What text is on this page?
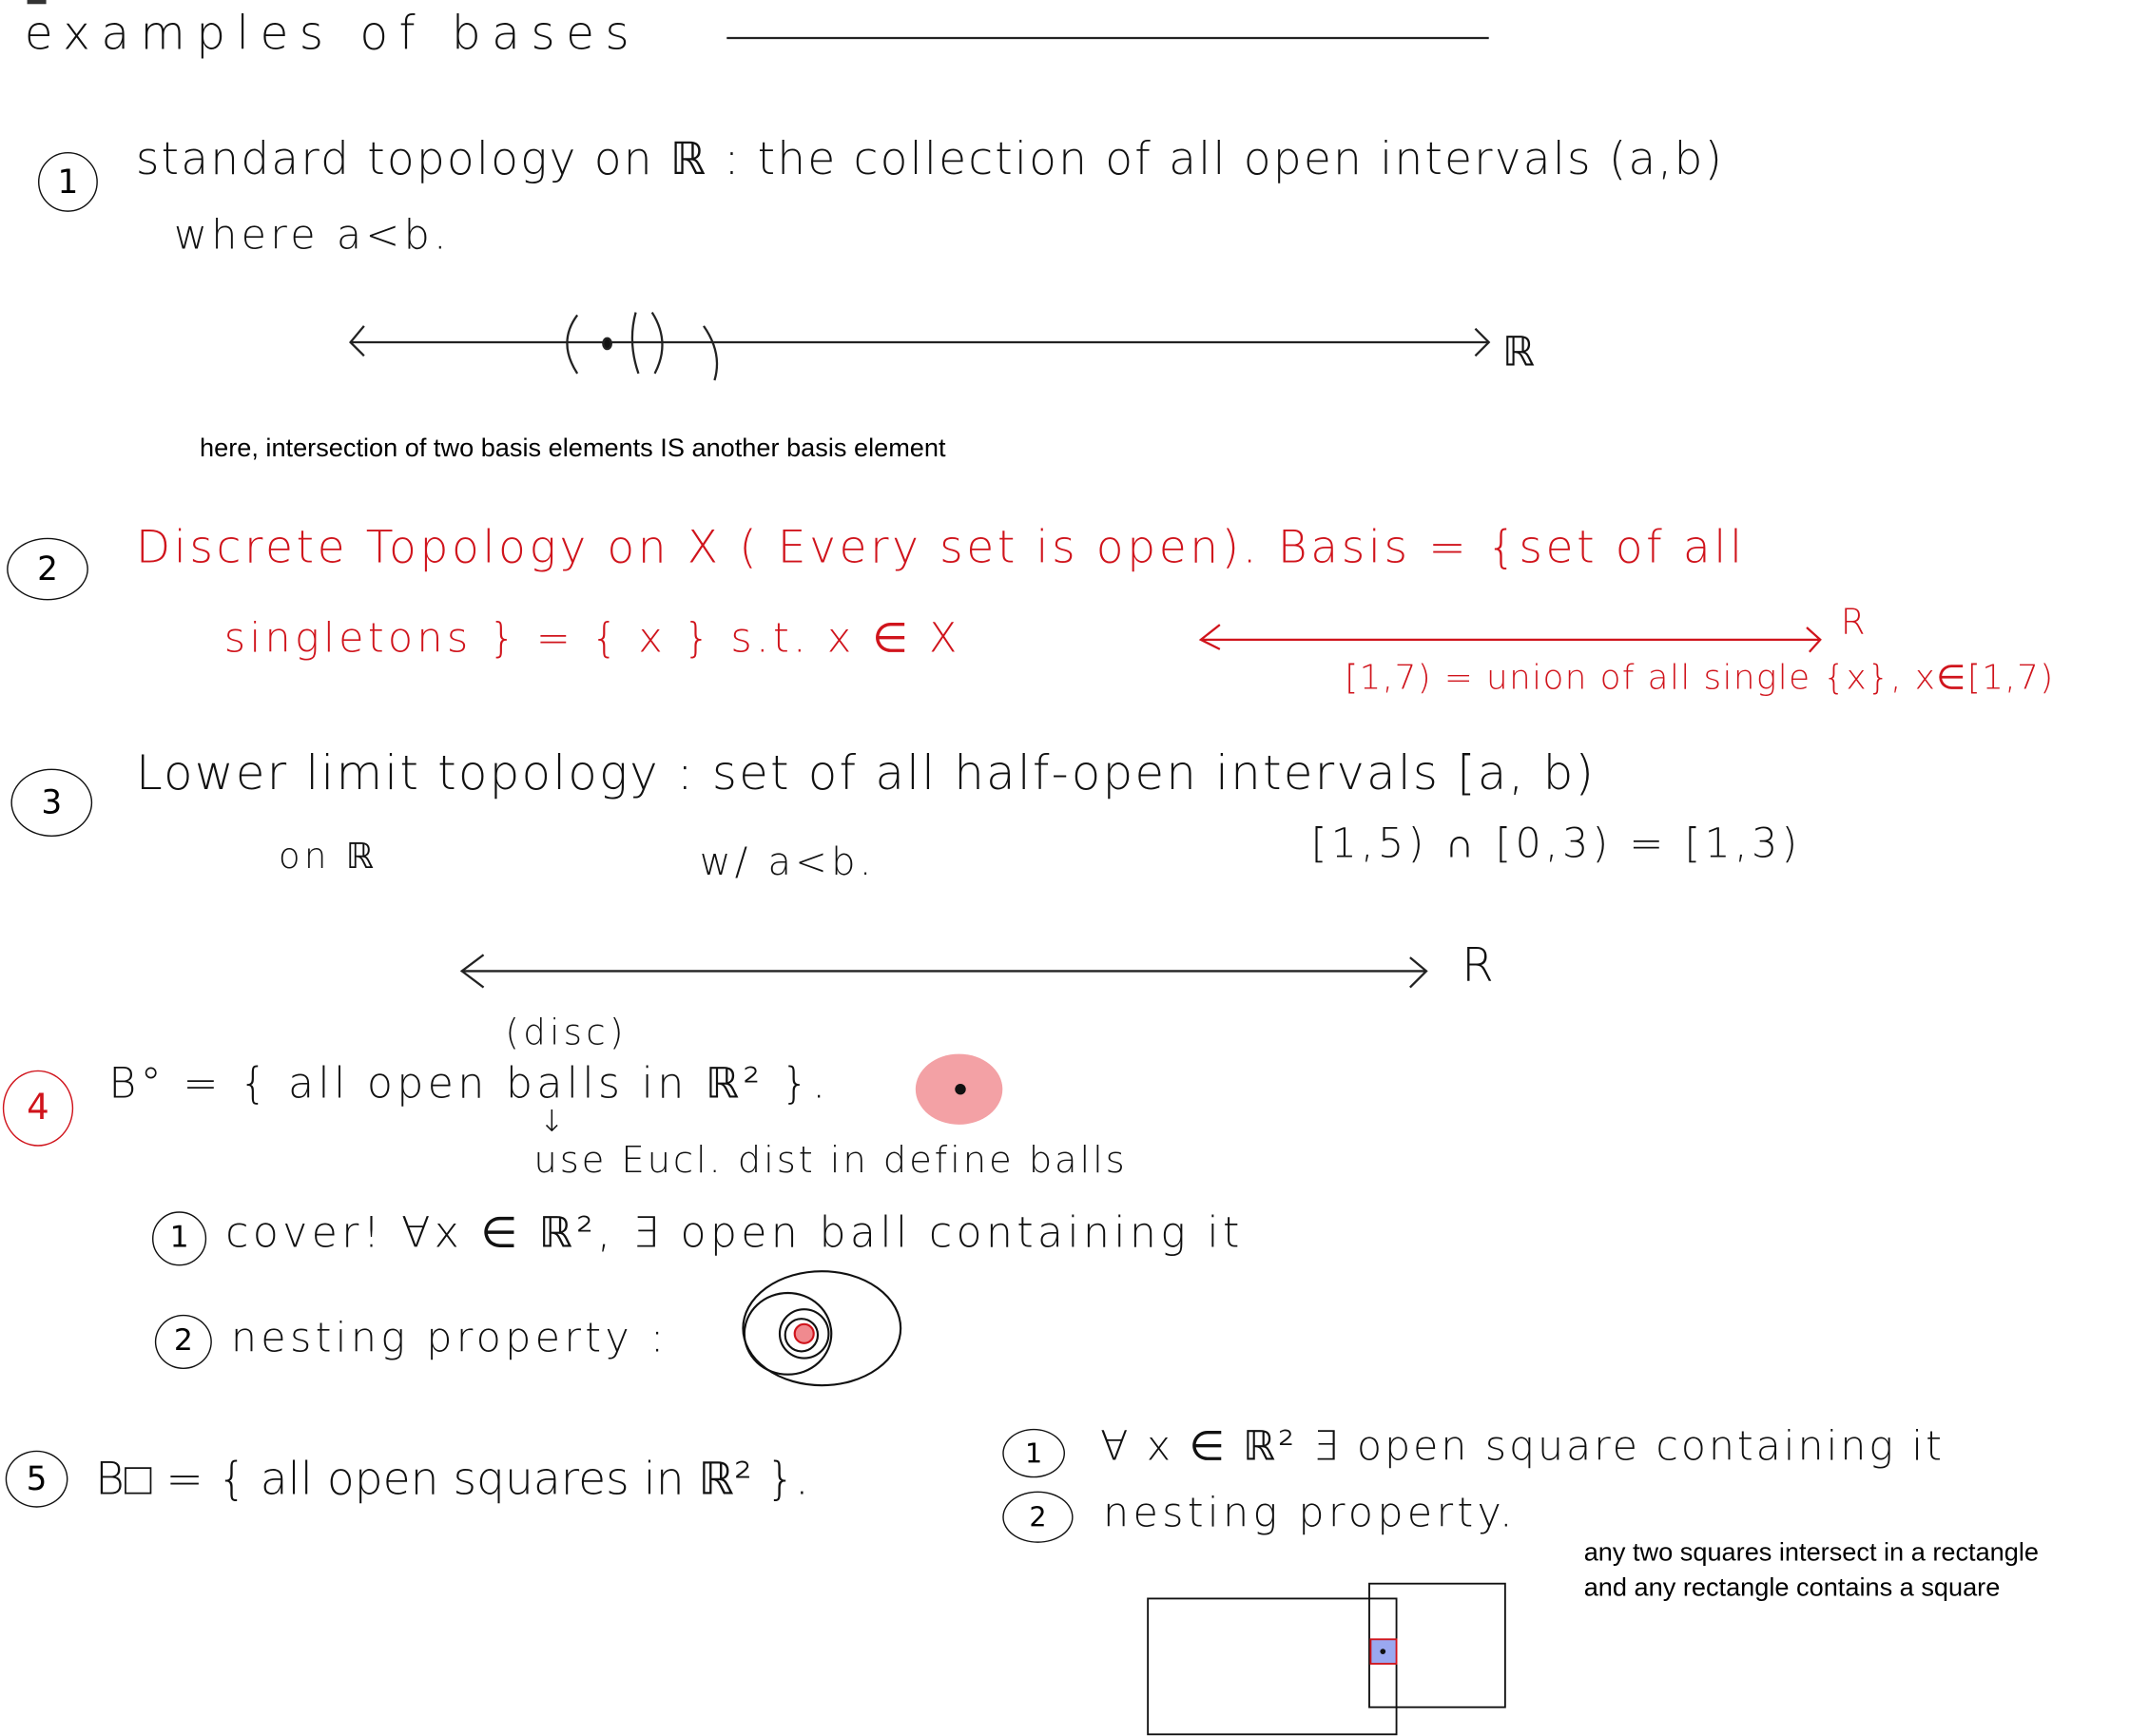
examples of bases
1	standard topology on ℝ : the collection of all open intervals (a,b)
where a<b.
ℝ
here, intersection of two basis elements IS another basis element
2	Discrete Topology on X ( Every set is open). Basis = {set of all
singletons } = { x } s.t. x ∈ X	R
[1,7) = union of all single {x}, x∈[1,7)
3
Lower limit topology : set of all half-open intervals [a, b)
on ℝ	w/ a<b.	[1,5) ∩ [0,3) = [1,3)
R
4
(disc)
B° = { all open balls in ℝ² }.
↓
use Eucl. dist in define balls
1	cover! ∀x ∈ ℝ², ∃ open ball containing it
2	nesting property :
5	B□ = { all open squares in ℝ² }.	1	∀ x ∈ ℝ² ∃ open square containing it
2	nesting property.
any two squares intersect in a rectangle
and any rectangle contains a square
